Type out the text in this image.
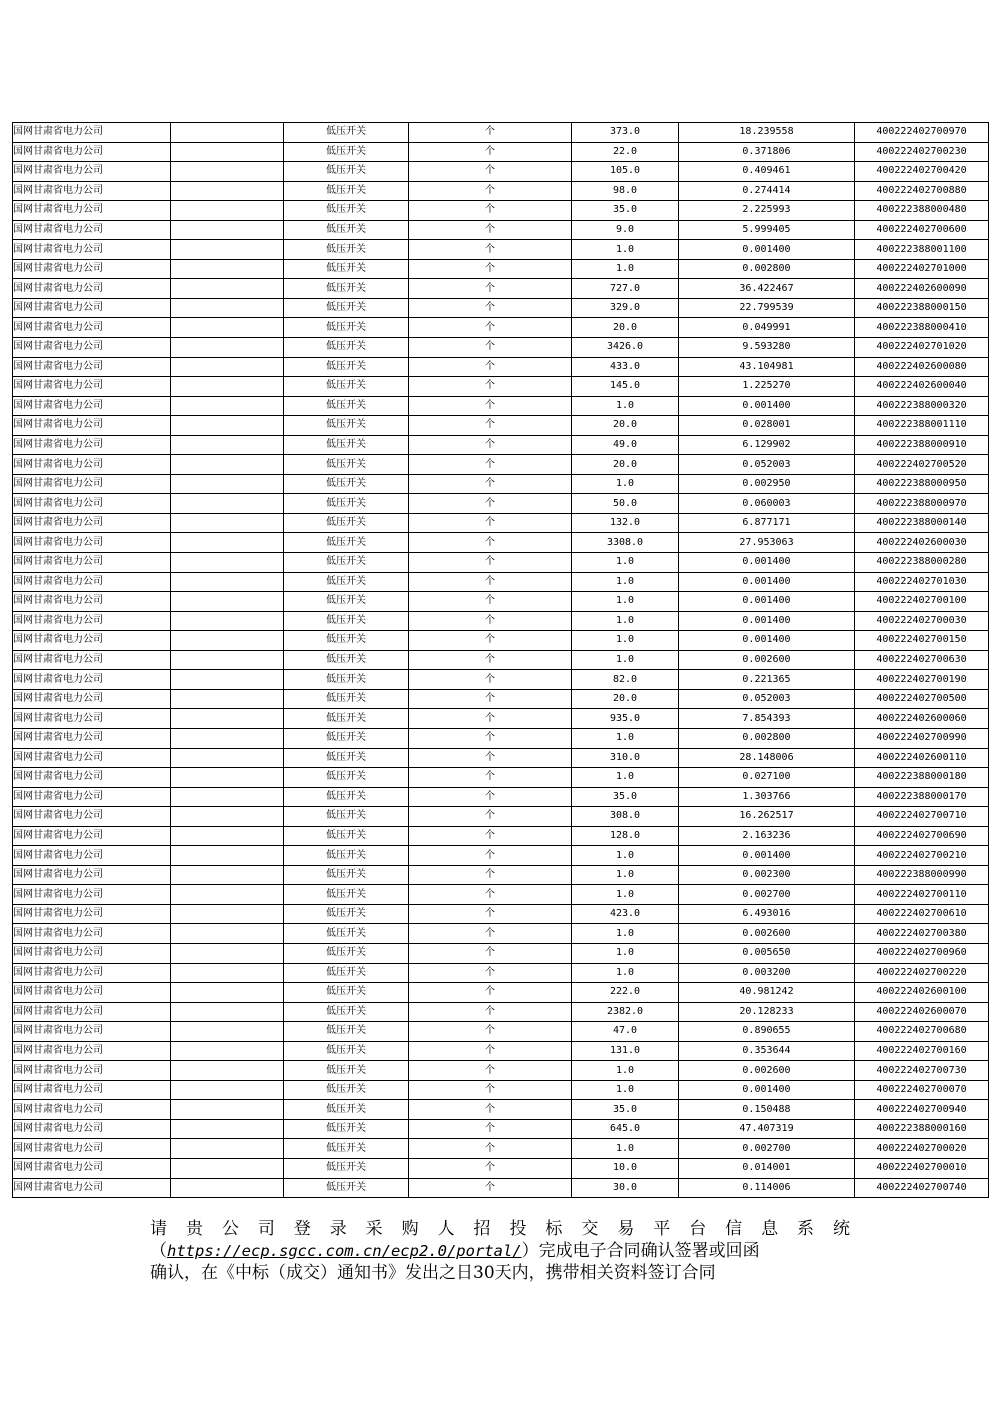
国网甘肃省电力公司		低压开关	个	373.0	18.239558	400222402700970
国网甘肃省电力公司		低压开关	个	22.0	0.371806	400222402700230
国网甘肃省电力公司		低压开关	个	105.0	0.409461	400222402700420
国网甘肃省电力公司		低压开关	个	98.0	0.274414	400222402700880
国网甘肃省电力公司		低压开关	个	35.0	2.225993	400222388000480
国网甘肃省电力公司		低压开关	个	9.0	5.999405	400222402700600
国网甘肃省电力公司		低压开关	个	1.0	0.001400	400222388001100
国网甘肃省电力公司		低压开关	个	1.0	0.002800	400222402701000
国网甘肃省电力公司		低压开关	个	727.0	36.422467	400222402600090
国网甘肃省电力公司		低压开关	个	329.0	22.799539	400222388000150
国网甘肃省电力公司		低压开关	个	20.0	0.049991	400222388000410
国网甘肃省电力公司		低压开关	个	3426.0	9.593280	400222402701020
国网甘肃省电力公司		低压开关	个	433.0	43.104981	400222402600080
国网甘肃省电力公司		低压开关	个	145.0	1.225270	400222402600040
国网甘肃省电力公司		低压开关	个	1.0	0.001400	400222388000320
国网甘肃省电力公司		低压开关	个	20.0	0.028001	400222388001110
国网甘肃省电力公司		低压开关	个	49.0	6.129902	400222388000910
国网甘肃省电力公司		低压开关	个	20.0	0.052003	400222402700520
国网甘肃省电力公司		低压开关	个	1.0	0.002950	400222388000950
国网甘肃省电力公司		低压开关	个	50.0	0.060003	400222388000970
国网甘肃省电力公司		低压开关	个	132.0	6.877171	400222388000140
国网甘肃省电力公司		低压开关	个	3308.0	27.953063	400222402600030
国网甘肃省电力公司		低压开关	个	1.0	0.001400	400222388000280
国网甘肃省电力公司		低压开关	个	1.0	0.001400	400222402701030
国网甘肃省电力公司		低压开关	个	1.0	0.001400	400222402700100
国网甘肃省电力公司		低压开关	个	1.0	0.001400	400222402700030
国网甘肃省电力公司		低压开关	个	1.0	0.001400	400222402700150
国网甘肃省电力公司		低压开关	个	1.0	0.002600	400222402700630
国网甘肃省电力公司		低压开关	个	82.0	0.221365	400222402700190
国网甘肃省电力公司		低压开关	个	20.0	0.052003	400222402700500
国网甘肃省电力公司		低压开关	个	935.0	7.854393	400222402600060
国网甘肃省电力公司		低压开关	个	1.0	0.002800	400222402700990
国网甘肃省电力公司		低压开关	个	310.0	28.148006	400222402600110
国网甘肃省电力公司		低压开关	个	1.0	0.027100	400222388000180
国网甘肃省电力公司		低压开关	个	35.0	1.303766	400222388000170
国网甘肃省电力公司		低压开关	个	308.0	16.262517	400222402700710
国网甘肃省电力公司		低压开关	个	128.0	2.163236	400222402700690
国网甘肃省电力公司		低压开关	个	1.0	0.001400	400222402700210
国网甘肃省电力公司		低压开关	个	1.0	0.002300	400222388000990
国网甘肃省电力公司		低压开关	个	1.0	0.002700	400222402700110
国网甘肃省电力公司		低压开关	个	423.0	6.493016	400222402700610
国网甘肃省电力公司		低压开关	个	1.0	0.002600	400222402700380
国网甘肃省电力公司		低压开关	个	1.0	0.005650	400222402700960
国网甘肃省电力公司		低压开关	个	1.0	0.003200	400222402700220
国网甘肃省电力公司		低压开关	个	222.0	40.981242	400222402600100
国网甘肃省电力公司		低压开关	个	2382.0	20.128233	400222402600070
国网甘肃省电力公司		低压开关	个	47.0	0.890655	400222402700680
国网甘肃省电力公司		低压开关	个	131.0	0.353644	400222402700160
国网甘肃省电力公司		低压开关	个	1.0	0.002600	400222402700730
国网甘肃省电力公司		低压开关	个	1.0	0.001400	400222402700070
国网甘肃省电力公司		低压开关	个	35.0	0.150488	400222402700940
国网甘肃省电力公司		低压开关	个	645.0	47.407319	400222388000160
国网甘肃省电力公司		低压开关	个	1.0	0.002700	400222402700020
国网甘肃省电力公司		低压开关	个	10.0	0.014001	400222402700010
国网甘肃省电力公司		低压开关	个	30.0	0.114006	400222402700740
请贵公司登录采购人招投标交易平台信息系统
（https://ecp.sgcc.com.cn/ecp2.0/portal/）完成电子合同确认签署或回函
确认，在《中标（成交）通知书》发出之日30天内，携带相关资料签订合同
